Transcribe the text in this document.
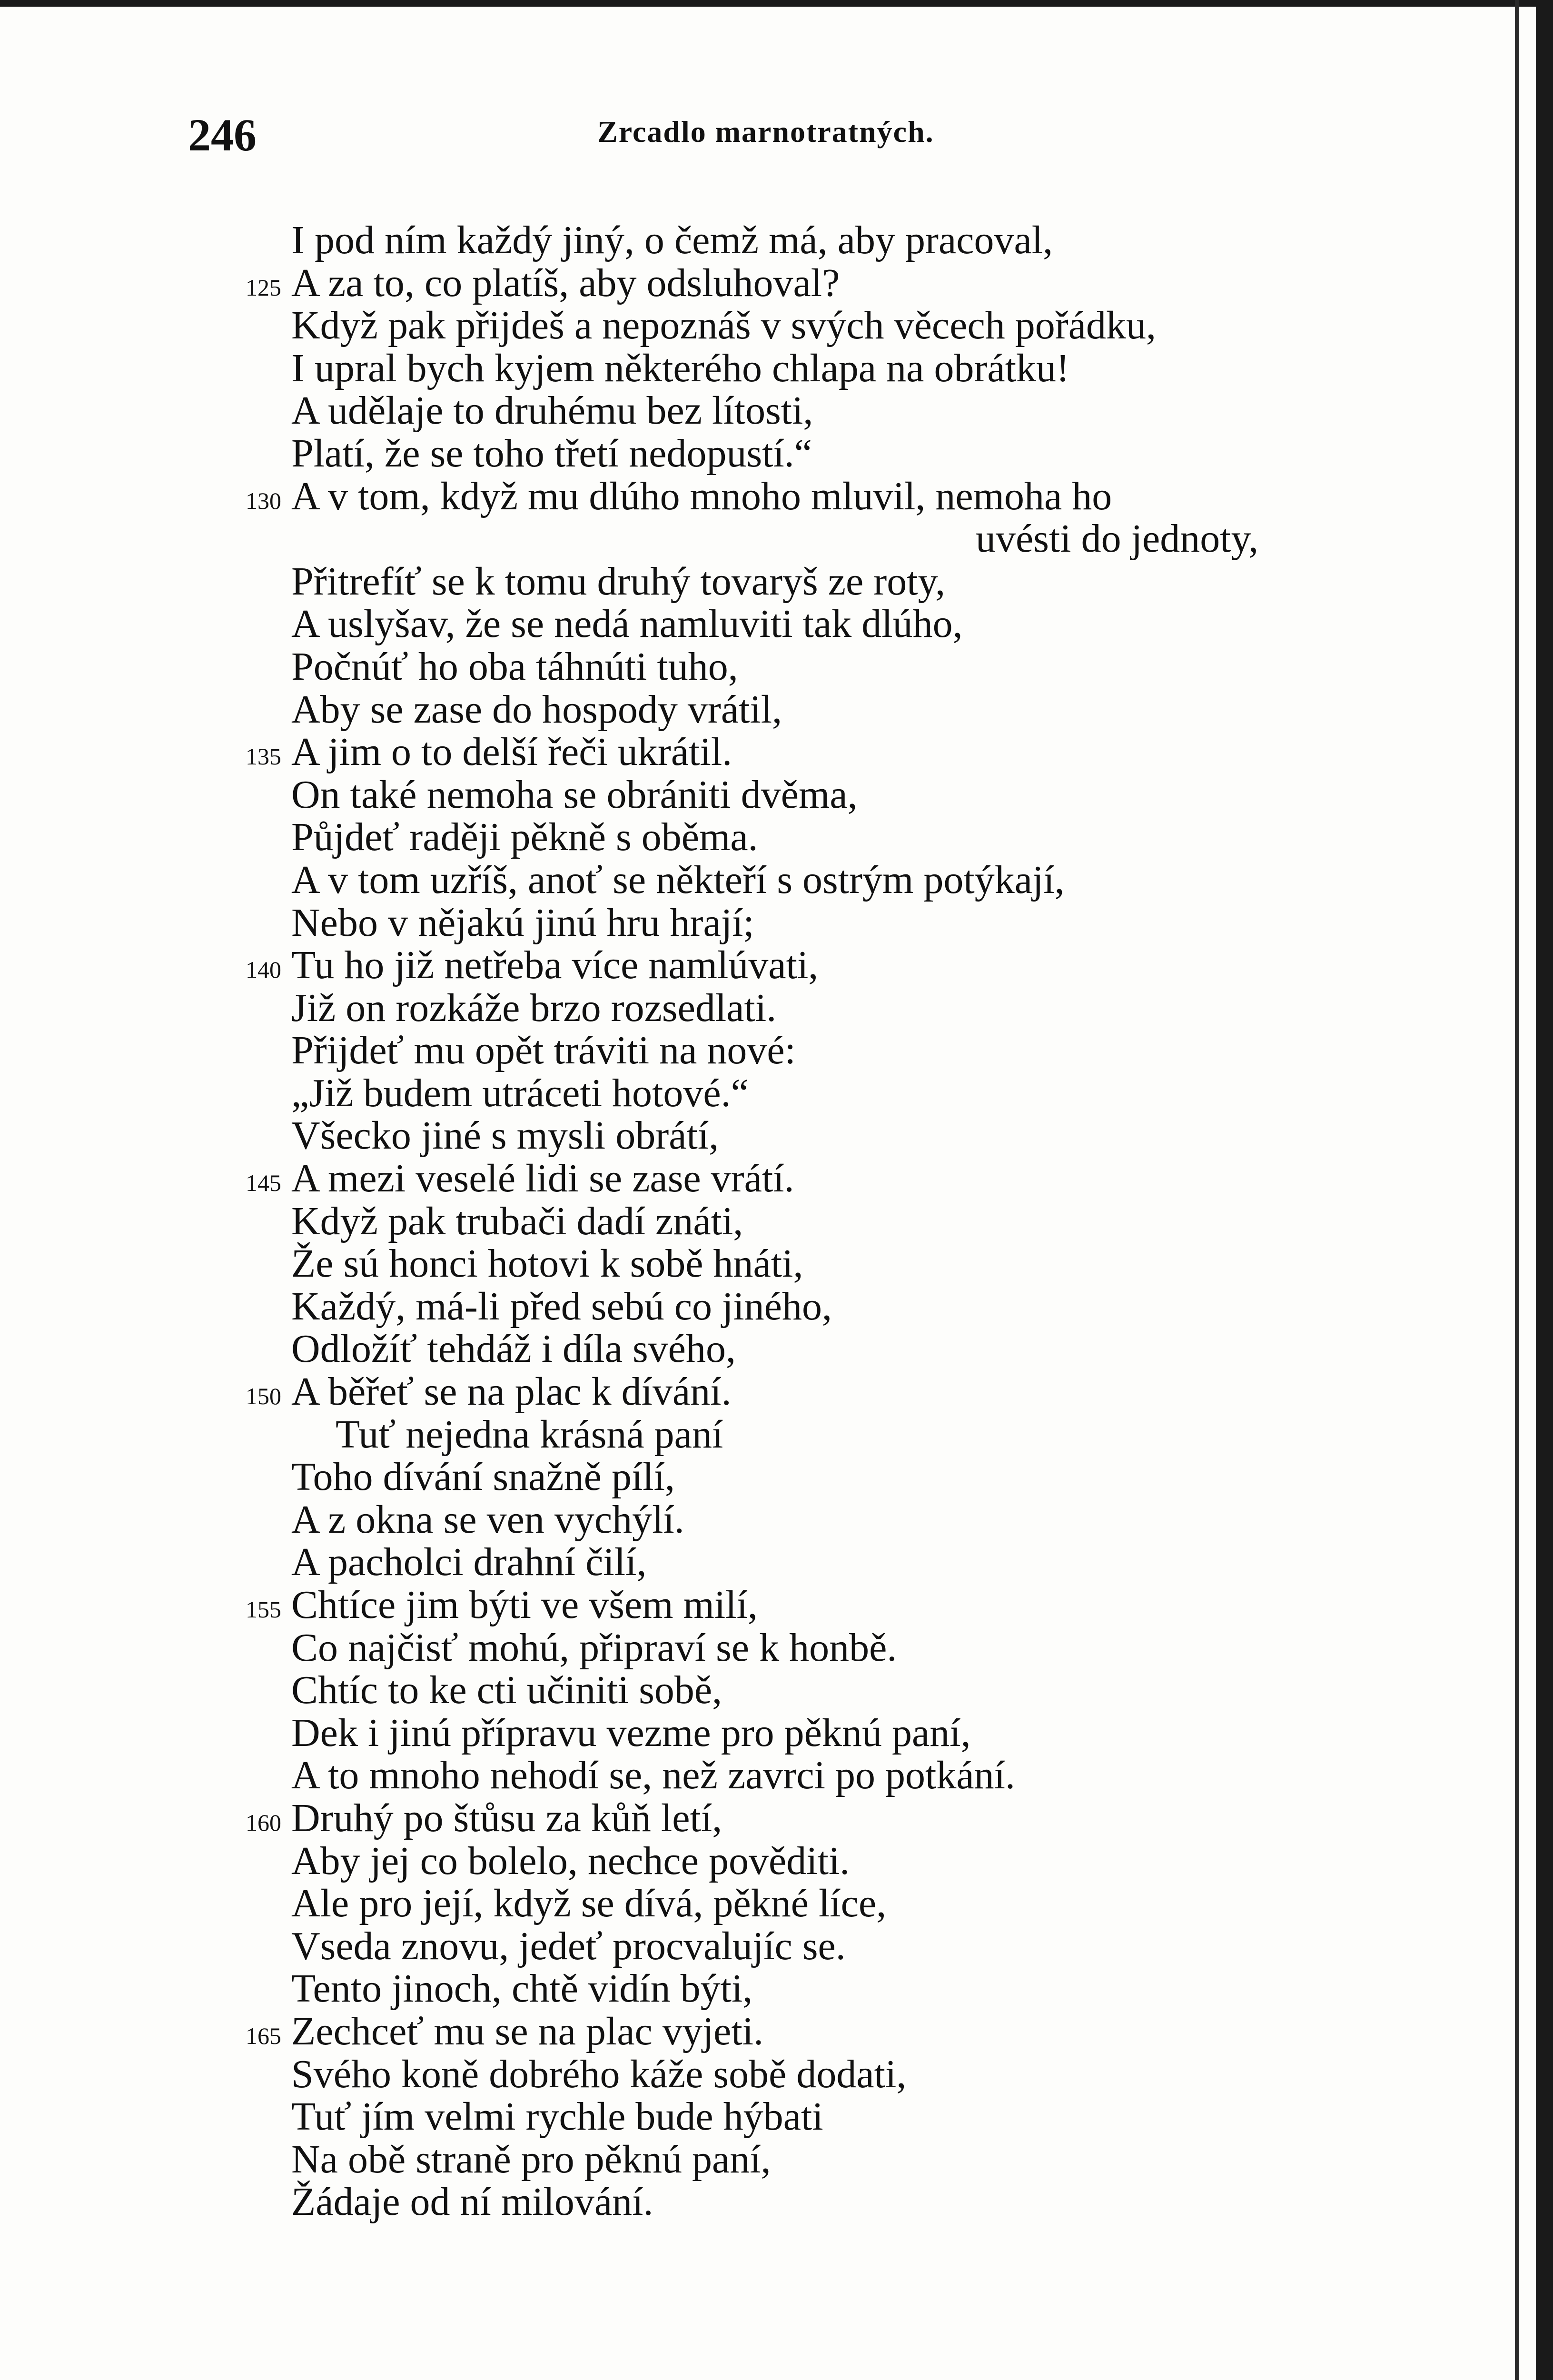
246	Zrcadlo marnotratných.
I pod ním každý jiný, o čemž má, aby pracoval,
125 A za to, co platíš, aby odsluhoval?
Když pak přijdeš a nepoznáš v svých věcech pořádku,
I upral bych kyjem některého chlapa na obrátku!
A udělaje to druhému bez lítosti,
Platí, že se toho třetí nedopustí.“
130 A v tom, když mu dlúho mnoho mluvil, nemoha ho
uvésti do jednoty,
Přitrefíť se k tomu druhý tovaryš ze roty,
A uslyšav, že se nedá namluviti tak dlúho,
Počnúť ho oba táhnúti tuho,
Aby se zase do hospody vrátil,
135 A jim o to delší řeči ukrátil.
On také nemoha se obrániti dvěma,
Půjdeť raději pěkně s oběma.
A v tom uzříš, anoť se někteří s ostrým potýkají,
Nebo v nějakú jinú hru hrají;
140 Tu ho již netřeba více namlúvati,
Již on rozkáže brzo rozsedlati.
Přijdeť mu opět tráviti na nové:
„Již budem utráceti hotové.“
Všecko jiné s mysli obrátí,
145 A mezi veselé lidi se zase vrátí.
Když pak trubači dadí znáti,
Že sú honci hotovi k sobě hnáti,
Každý, má-li před sebú co jiného,
Odložíť tehdáž i díla svého,
150 A běřeť se na plac k dívání.
Tuť nejedna krásná paní
Toho dívání snažně pílí,
A z okna se ven vychýlí.
A pacholci drahní čilí,
155 Chtíce jim býti ve všem milí,
Co najčisť mohú, připraví se k honbě.
Chtíc to ke cti učiniti sobě,
Dek i jinú přípravu vezme pro pěknú paní,
A to mnoho nehodí se, než zavrci po potkání.
160 Druhý po štůsu za kůň letí,
Aby jej co bolelo, nechce pověditi.
Ale pro její, když se dívá, pěkné líce,
Vseda znovu, jedeť procvalujíc se.
Tento jinoch, chtě vidín býti,
165 Zechceť mu se na plac vyjeti.
Svého koně dobrého káže sobě dodati,
Tuť jím velmi rychle bude hýbati
Na obě straně pro pěknú paní,
Žádaje od ní milování.
